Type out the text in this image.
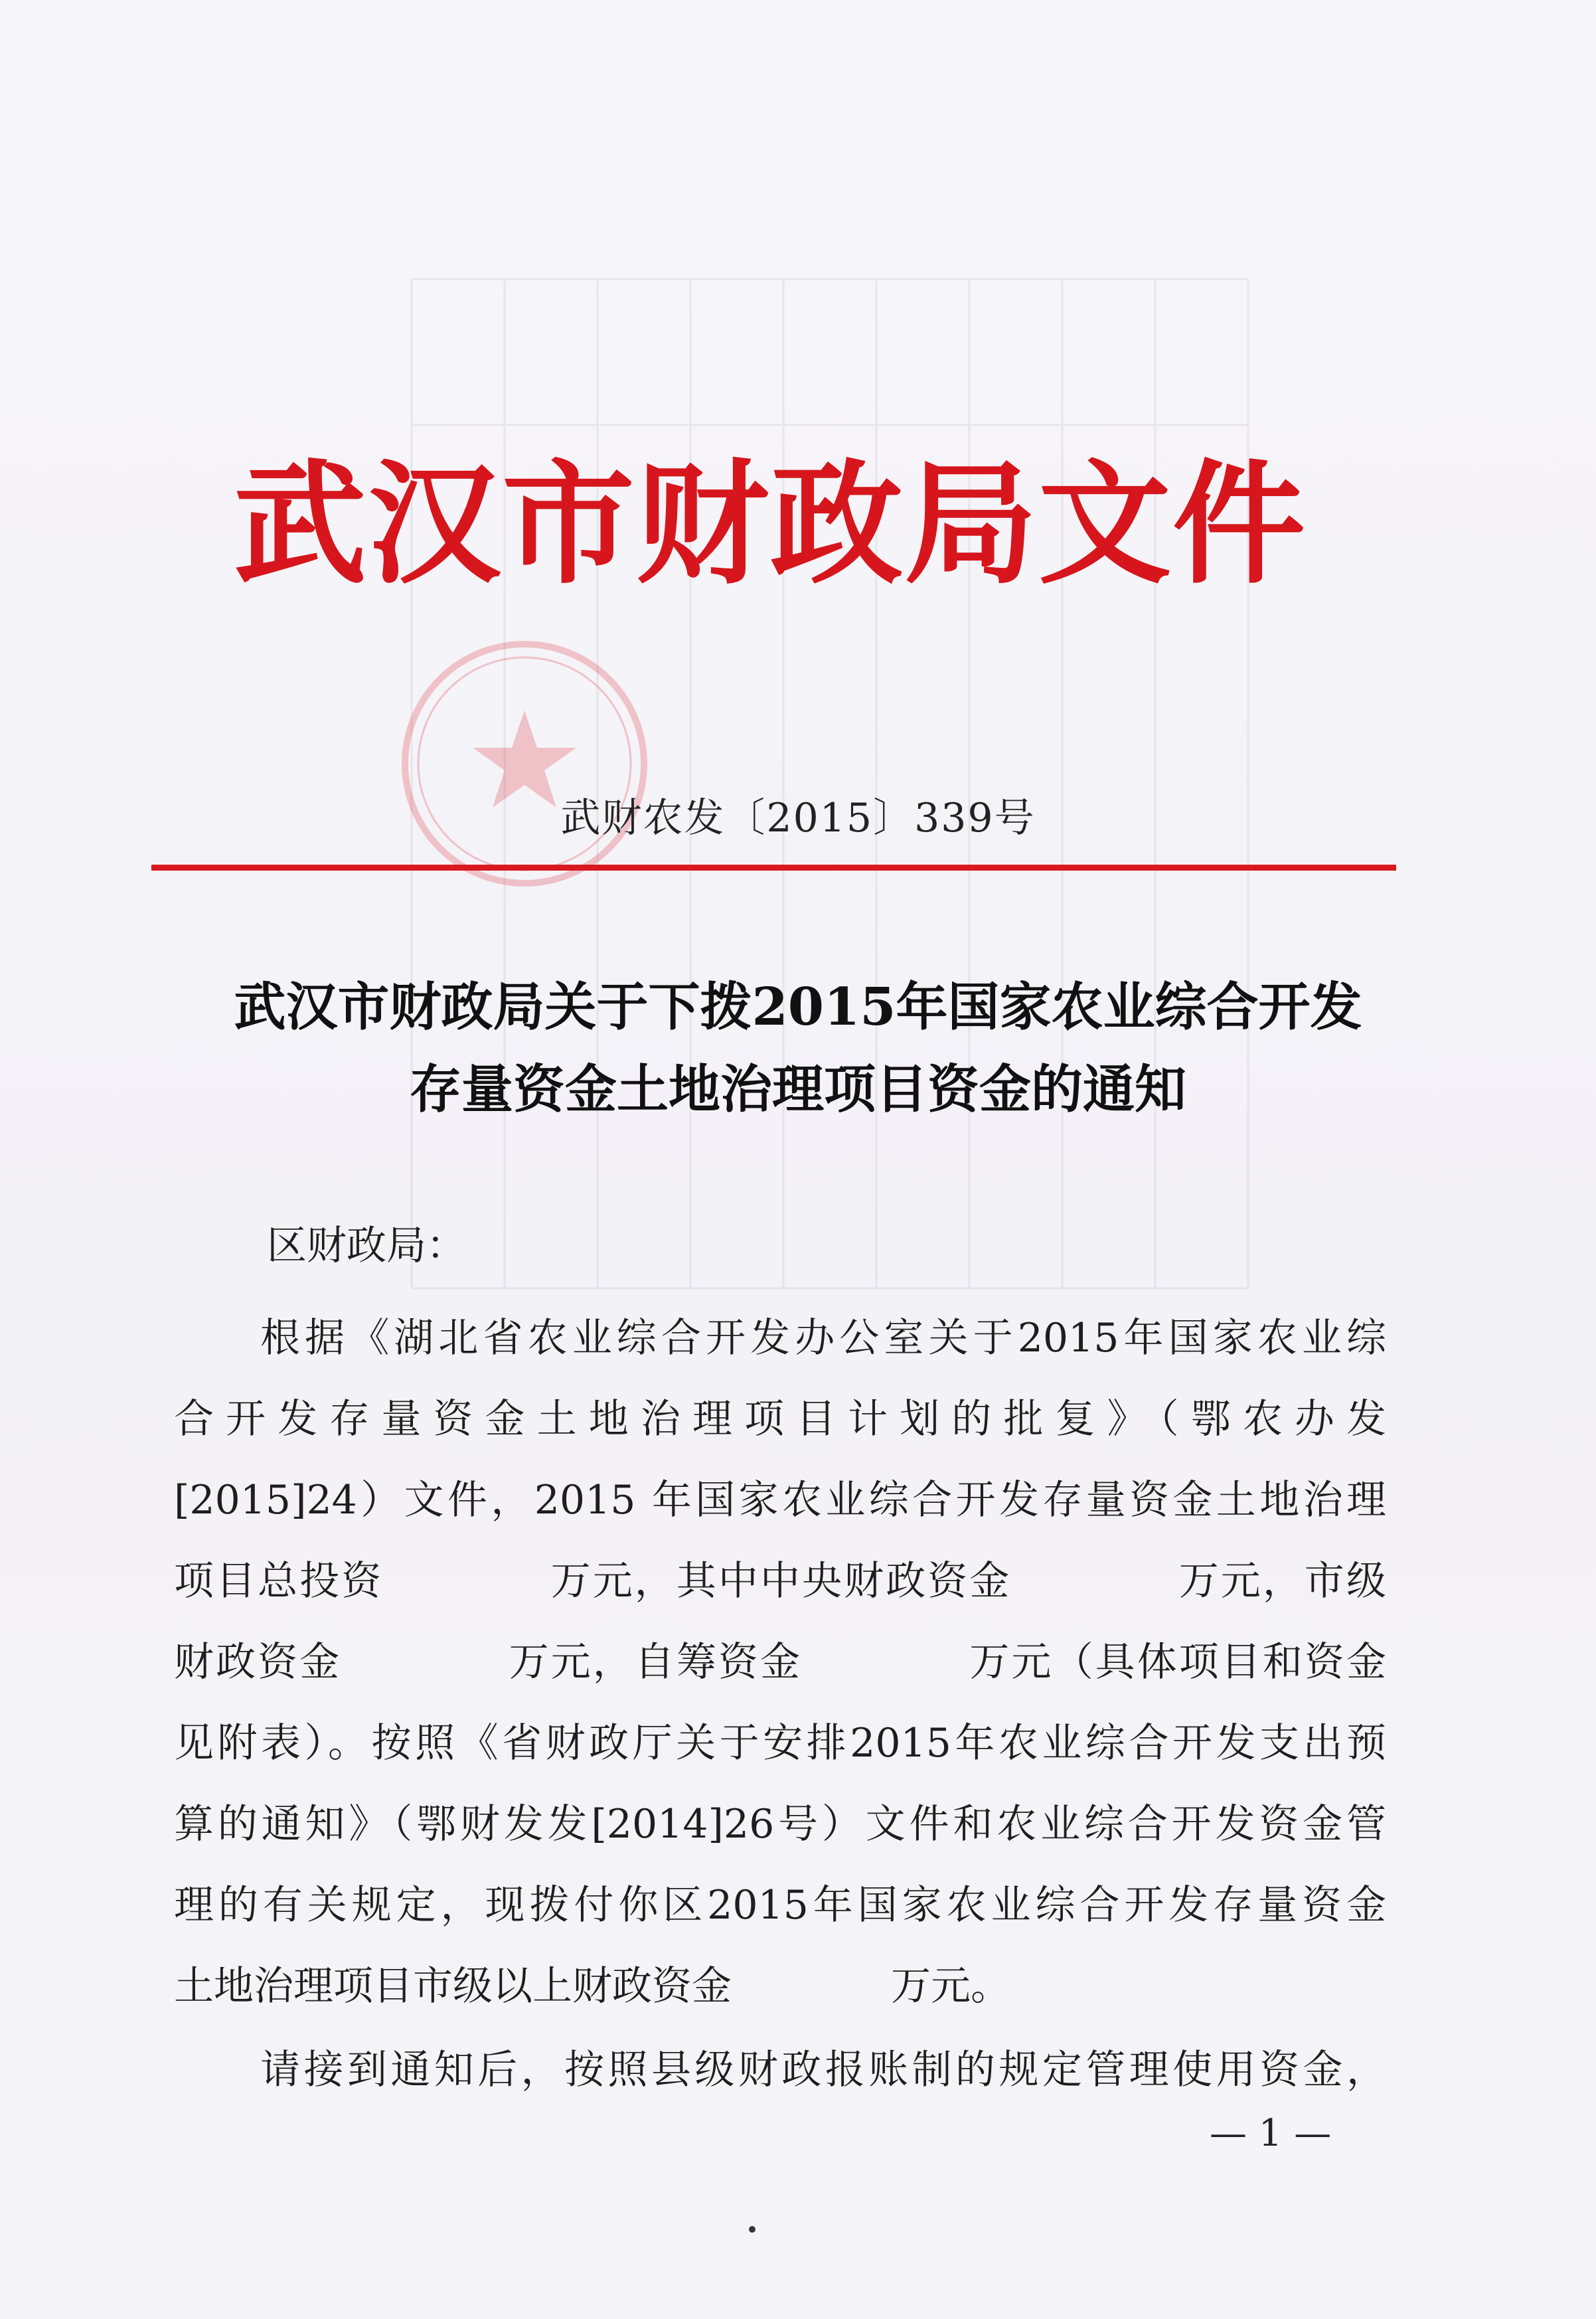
武汉市财政局文件
武财农发〔2015〕339号
武汉市财政局关于下拨2015年国家农业综合开发
存量资金土地治理项目资金的通知
区财政局：
根据《湖北省农业综合开发办公室关于2015年国家农业综
合开发存量资金土地治理项目计划的批复》（鄂农办发
[2015]24）文件，2015 年国家农业综合开发存量资金土地治理
项目总投资　　　　万元，其中中央财政资金　　　　万元，市级
财政资金　　　　万元，自筹资金　　　　万元（具体项目和资金
见附表）。按照《省财政厅关于安排2015年农业综合开发支出预
算的通知》（鄂财发发[2014]26号）文件和农业综合开发资金管
理的有关规定，现拨付你区2015年国家农业综合开发存量资金
土地治理项目市级以上财政资金　　　　万元。
请接到通知后，按照县级财政报账制的规定管理使用资金，
— 1 —
